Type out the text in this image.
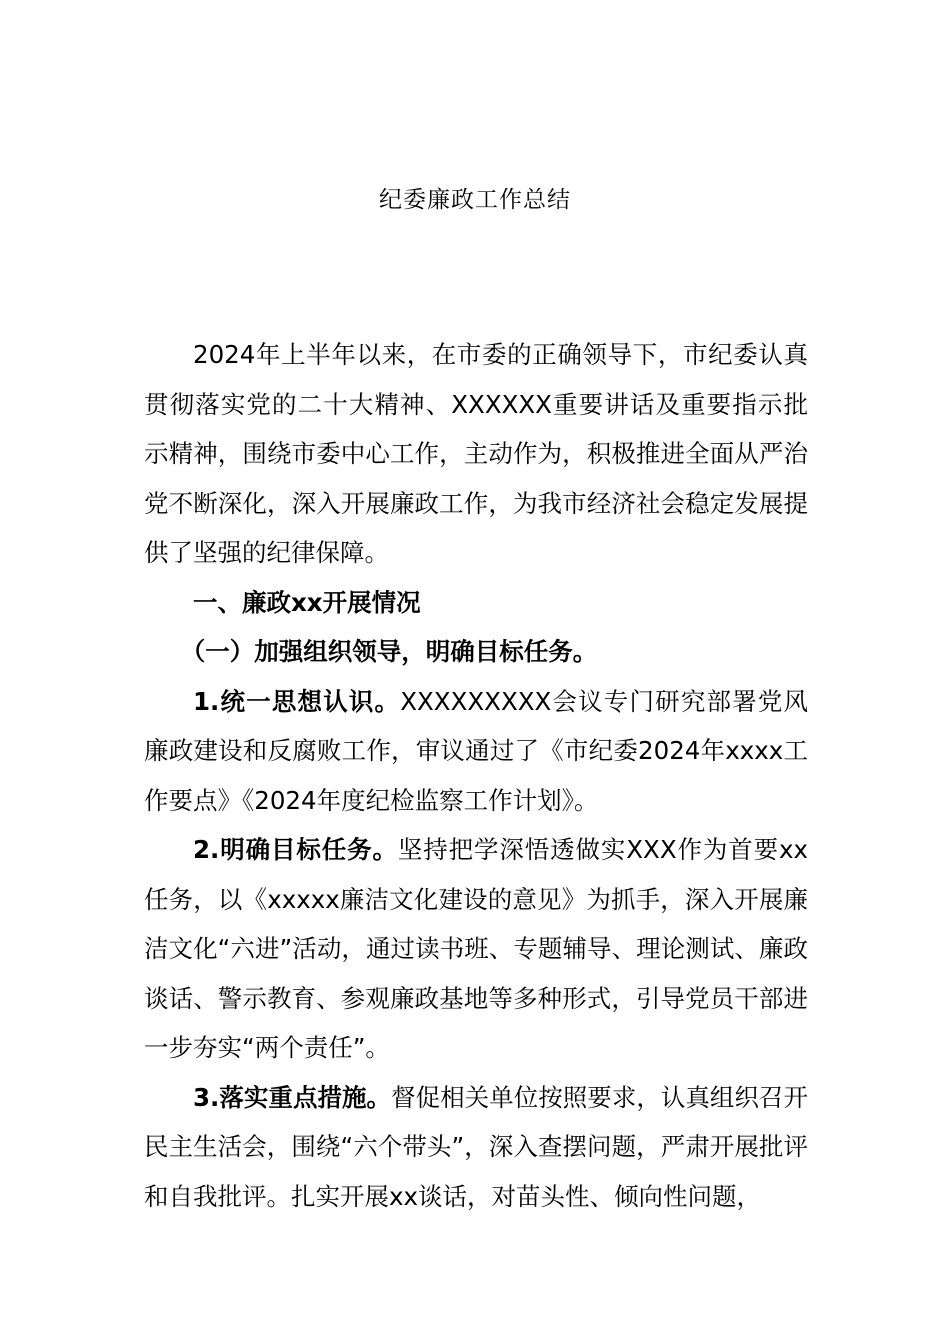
纪委廉政工作总结

2024年上半年以来，在市委的正确领导下，市纪委认真贯彻落实党的二十大精神、XXXXXX重要讲话及重要指示批示精神，围绕市委中心工作，主动作为，积极推进全面从严治党不断深化，深入开展廉政工作，为我市经济社会稳定发展提供了坚强的纪律保障。

一、廉政xx开展情况

（一）加强组织领导，明确目标任务。

1.统一思想认识。XXXXXXXXX会议专门研究部署党风廉政建设和反腐败工作，审议通过了《市纪委2024年xxxx工作要点》《2024年度纪检监察工作计划》。

2.明确目标任务。坚持把学深悟透做实XXX作为首要xx任务，以《xxxxx廉洁文化建设的意见》为抓手，深入开展廉洁文化“六进”活动，通过读书班、专题辅导、理论测试、廉政谈话、警示教育、参观廉政基地等多种形式，引导党员干部进一步夯实“两个责任”。

3.落实重点措施。督促相关单位按照要求，认真组织召开民主生活会，围绕“六个带头”，深入查摆问题，严肃开展批评和自我批评。扎实开展xx谈话，对苗头性、倾向性问题，
